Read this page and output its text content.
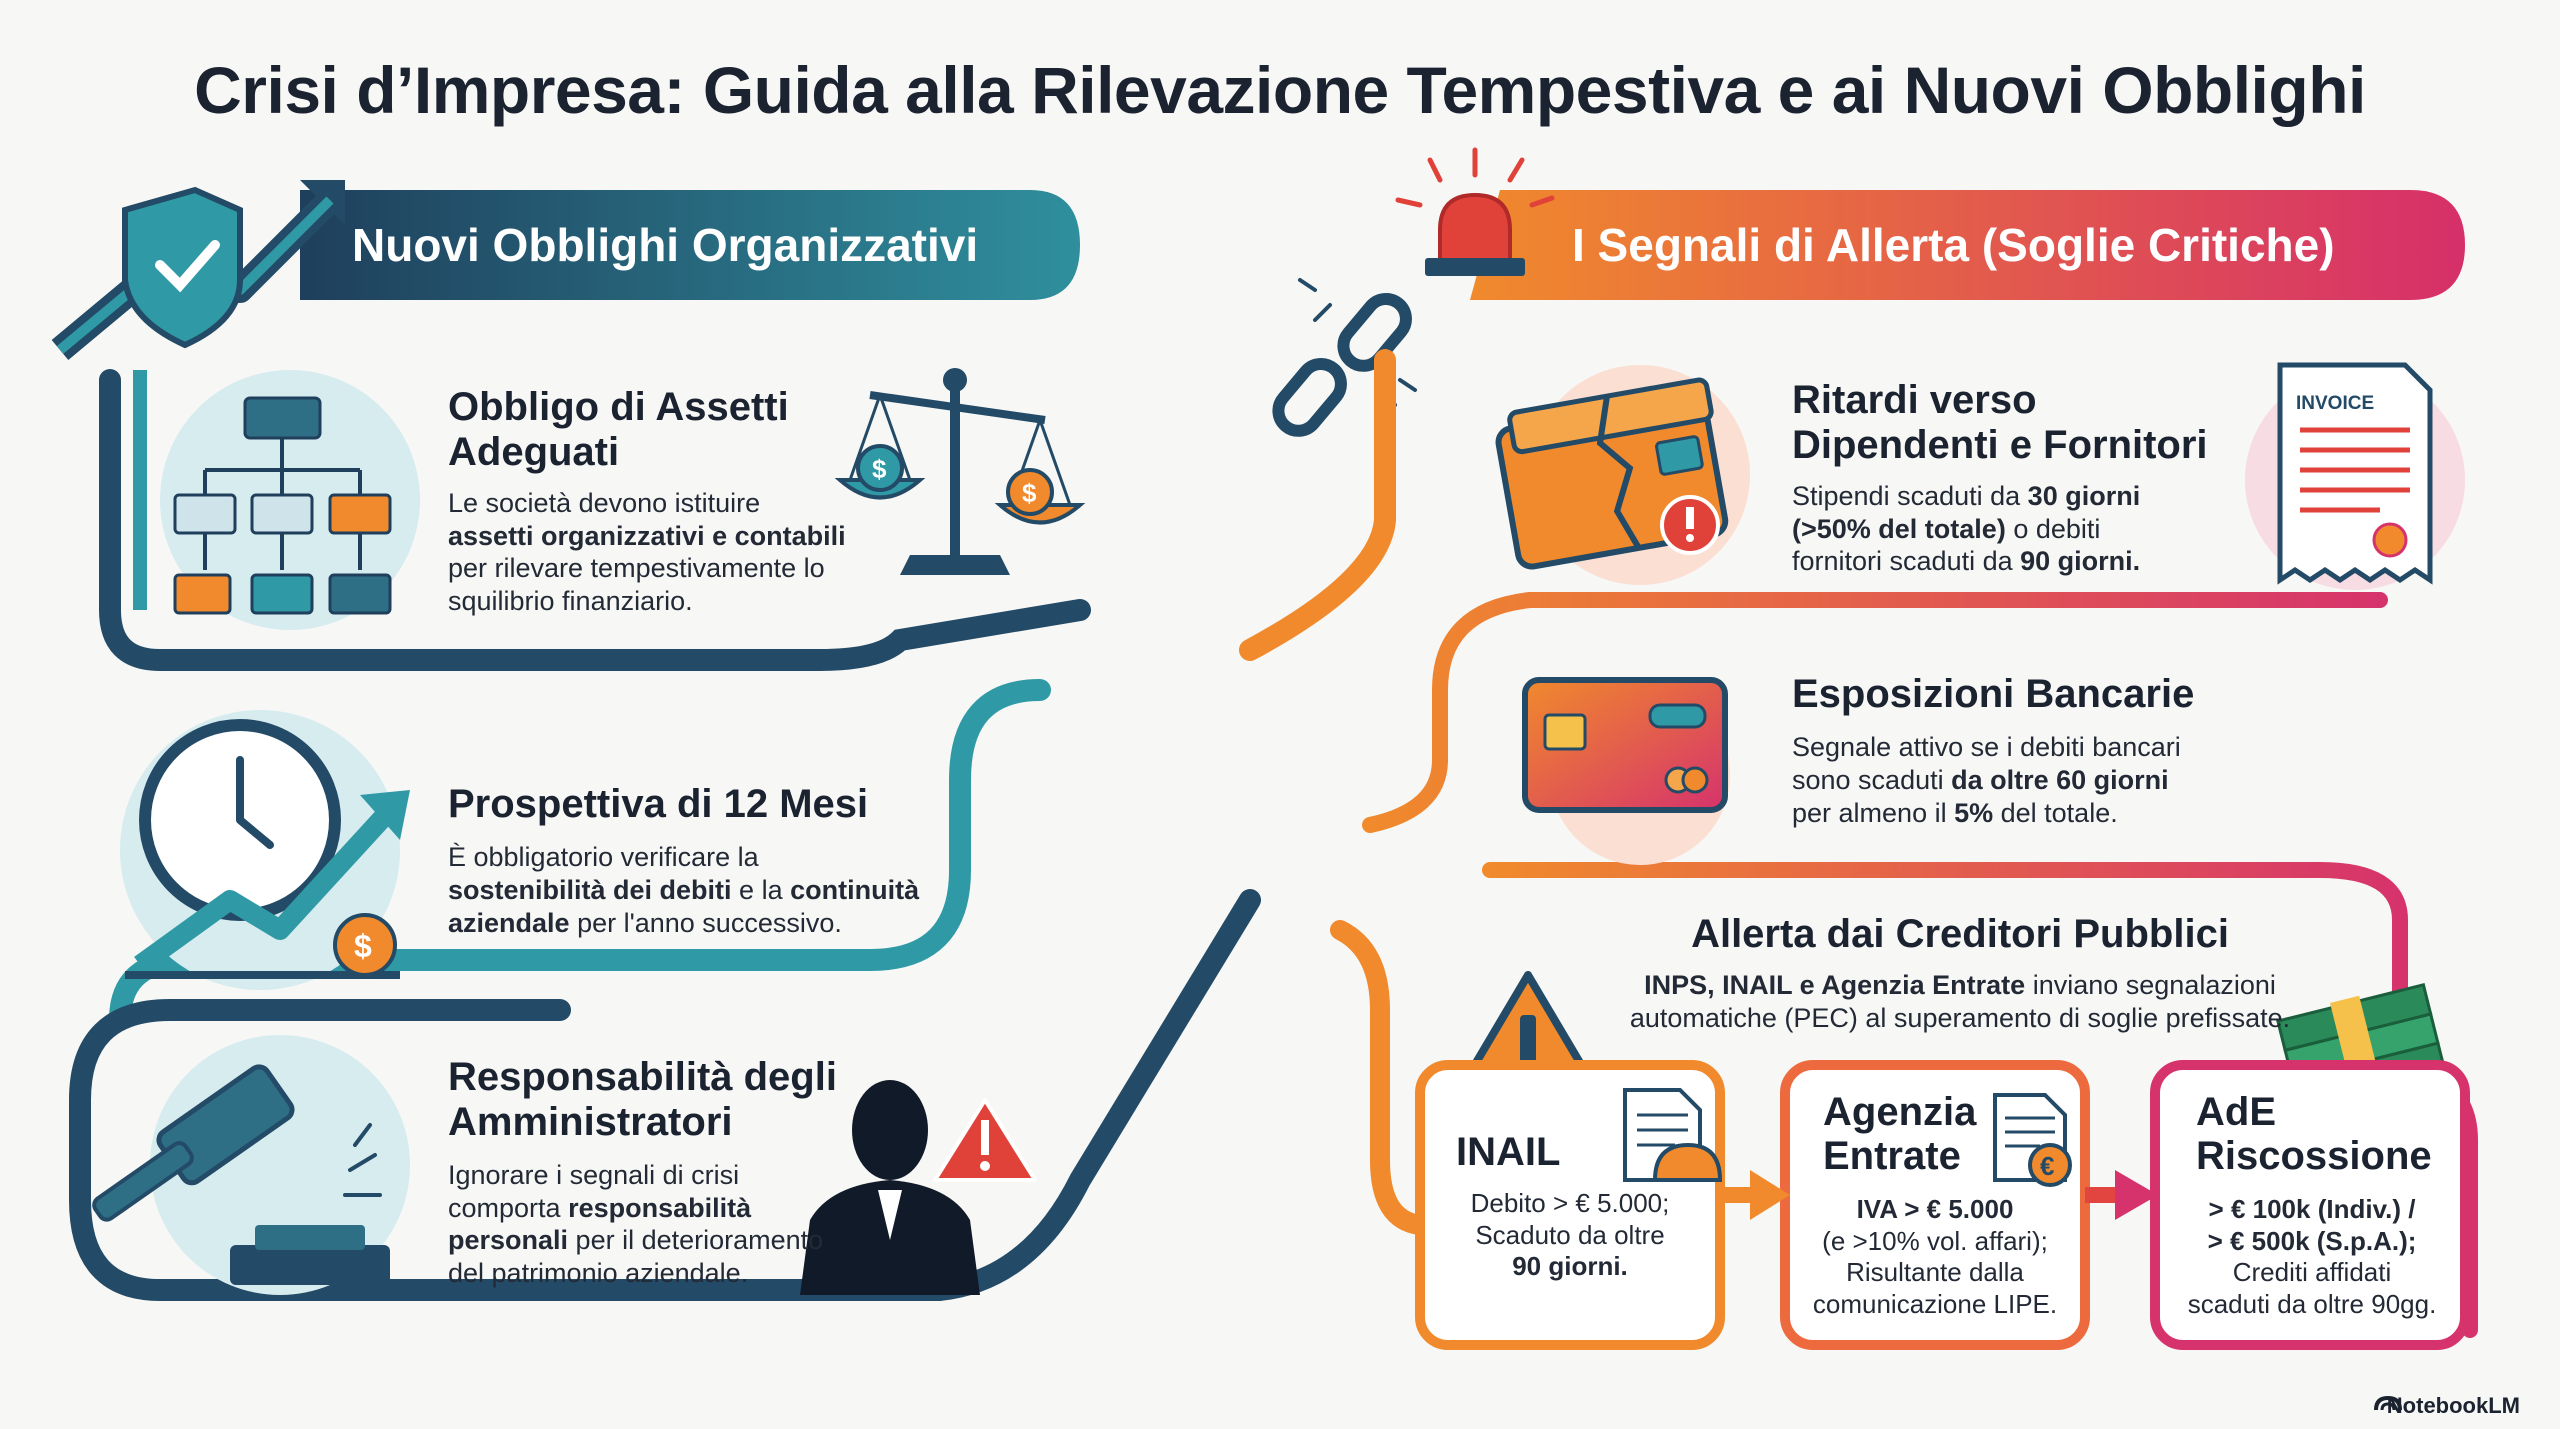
$
$
$
€
Crisi d’Impresa: Guida alla Rilevazione Tempestiva e ai Nuovi Obblighi
Nuovi Obblighi Organizzativi	I Segnali di Allerta (Soglie Critiche)
Obbligo di Assetti
Adeguati
Le società devono istituire
assetti organizzativi e contabili
per rilevare tempestivamente lo
squilibrio finanziario.
Prospettiva di 12 Mesi
È obbligatorio verificare la
sostenibilità dei debiti e la continuità
aziendale per l'anno successivo.
Responsabilità degli
Amministratori
Ignorare i segnali di crisi
comporta responsabilità
personali per il deterioramento
del patrimonio aziendale.
Ritardi verso
Dipendenti e Fornitori
Stipendi scaduti da 30 giorni
(>50% del totale) o debiti
fornitori scaduti da 90 giorni.
Esposizioni Bancarie
Segnale attivo se i debiti bancari
sono scaduti da oltre 60 giorni
per almeno il 5% del totale.
Allerta dai Creditori Pubblici
INPS, INAIL e Agenzia Entrate inviano segnalazioni
automatiche (PEC) al superamento di soglie prefissate.
INAIL
Debito > € 5.000;
Scaduto da oltre
90 giorni.
Agenzia
Entrate
IVA > € 5.000
(e >10% vol. affari);
Risultante dalla
comunicazione LIPE.
AdE
Riscossione
> € 100k (Indiv.) /
> € 500k (S.p.A.);
Crediti affidati
scaduti da oltre 90gg.
INVOICE
NotebookLM
